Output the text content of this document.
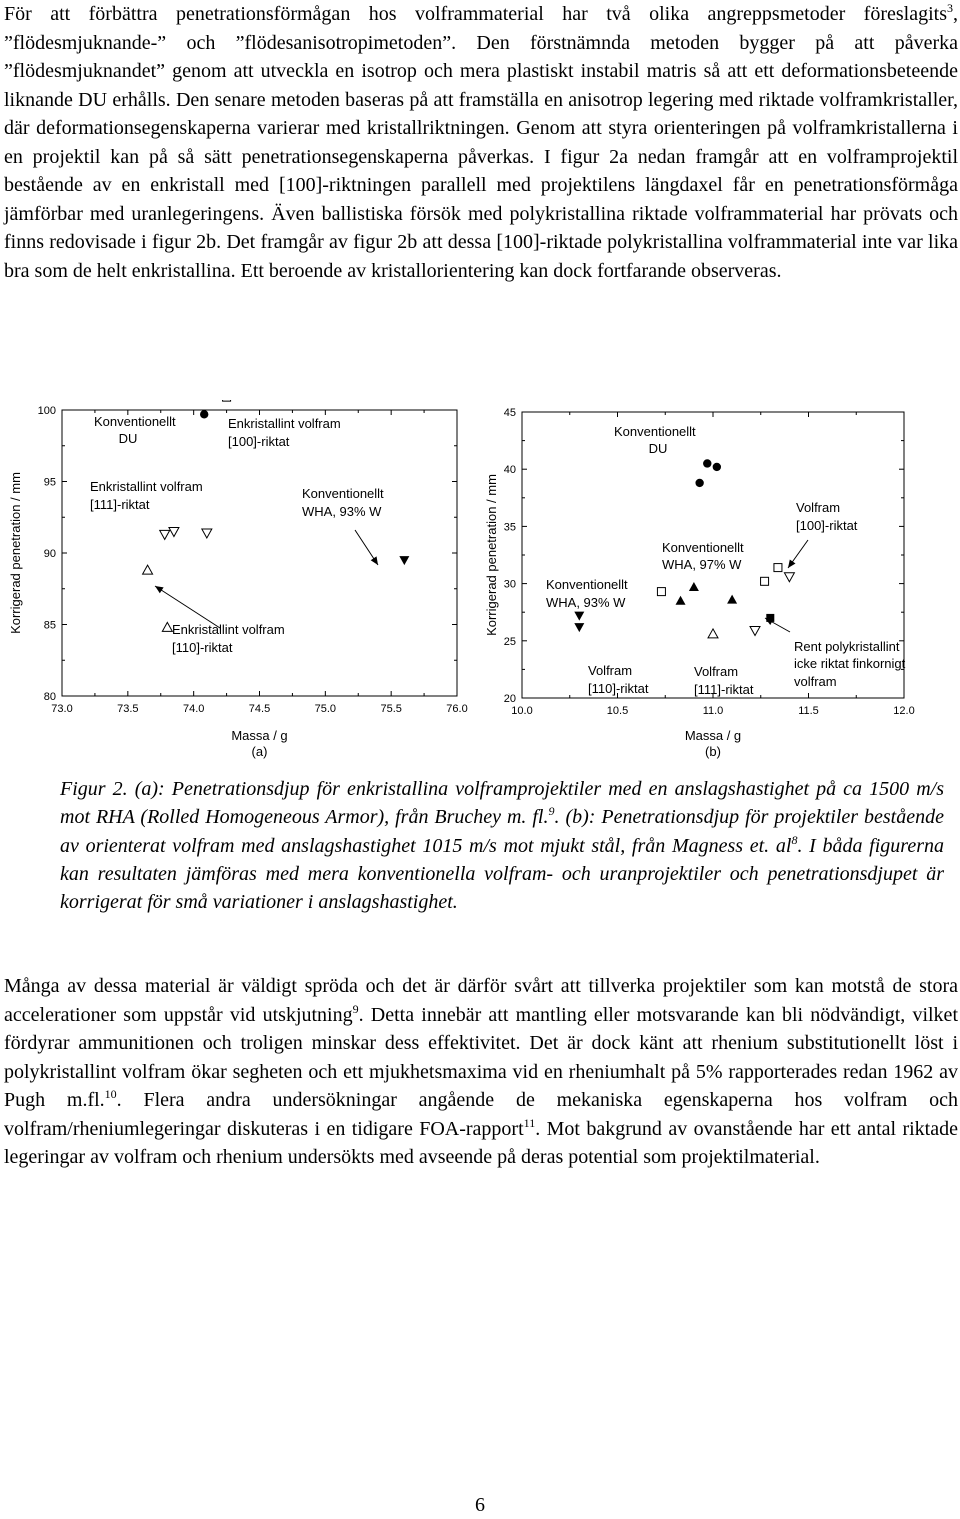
För att förbättra penetrationsförmågan hos volframmaterial har två olika angreppsmetoder föreslagits$^3$, ”flödesmjuknande-” och ”flödesanisotropimetoden”. Den förstnämnda metoden bygger på att påverka ”flödesmjuknandet” genom att utveckla en isotrop och mera plastiskt instabil matris så att ett deformationsbeteende liknande DU erhålls. Den senare metoden baseras på att framställa en anisotrop legering med riktade volframkristaller, där deformationsegenskaperna varierar med kristallriktningen. Genom att styra orienteringen på volframkristallerna i en projektil kan på så sätt penetrationsegenskaperna påverkas. I figur 2a nedan framgår att en volframprojektil bestående av en enkristall med [100]-riktningen parallell med projektilens längdaxel får en penetrationsförmåga jämförbar med uranlegeringens. Även ballistiska försök med polykristallina riktade volframmaterial har prövats och finns redovisade i figur 2b. Det framgår av figur 2b att dessa [100]-riktade polykristallina volframmaterial inte var lika bra som de helt enkristallina. Ett beroende av kristallorientering kan dock fortfarande observeras.

73.0	73.5	74.0	74.5	75.0	75.5	76.0
80
85
90
95
100
Massa / g
(a)
Korrigerad penetration / mm
Konventionellt
DU
Enkristallint volfram
[100]-riktat
Enkristallint volfram
[111]-riktat
Konventionellt
WHA, 93% W
Enkristallint volfram
[110]-riktat
10.0	10.5	11.0	11.5	12.0
20
25
30
35
40
45
Massa / g
(b)
Korrigerad penetration / mm
Konventionellt
DU
Volfram
[100]-riktat
Konventionellt
WHA, 97% W
Konventionellt
WHA, 93% W
Rent polykristallint
icke riktat finkornigt
volfram
Volfram
[110]-riktat
Volfram
[111]-riktat

Figur 2. (a): Penetrationsdjup för enkristallina volframprojektiler med en anslagshastighet på ca 1500 m/s mot RHA (Rolled Homogeneous Armor), från Bruchey m. fl.$^9$. (b): Penetrationsdjup för projektiler bestående av orienterat volfram med anslagshastighet 1015 m/s mot mjukt stål, från Magness et. $al^8$. I båda figurerna kan resultaten jämföras med mera konventionella volfram- och uranprojektiler och penetrationsdjupet är korrigerat för små variationer i anslagshastighet.

Många av dessa material är väldigt spröda och det är därför svårt att tillverka projektiler som kan motstå de stora accelerationer som uppstår vid utskjutning$^9$. Detta innebär att mantling eller motsvarande kan bli nödvändigt, vilket fördyrar ammunitionen och troligen minskar dess effektivitet. Det är dock känt att rhenium substitutionellt löst i polykristallint volfram ökar segheten och ett mjukhetsmaxima vid en rheniumhalt på 5% rapporterades redan 1962 av Pugh m.fl.$^{10}$. Flera andra undersökningar angående de mekaniska egenskaperna hos volfram och volfram/rheniumlegeringar diskuteras i en tidigare FOA-rapport$^{11}$. Mot bakgrund av ovanstående har ett antal riktade legeringar av volfram och rhenium undersökts med avseende på deras potential som projektilmaterial.

6
